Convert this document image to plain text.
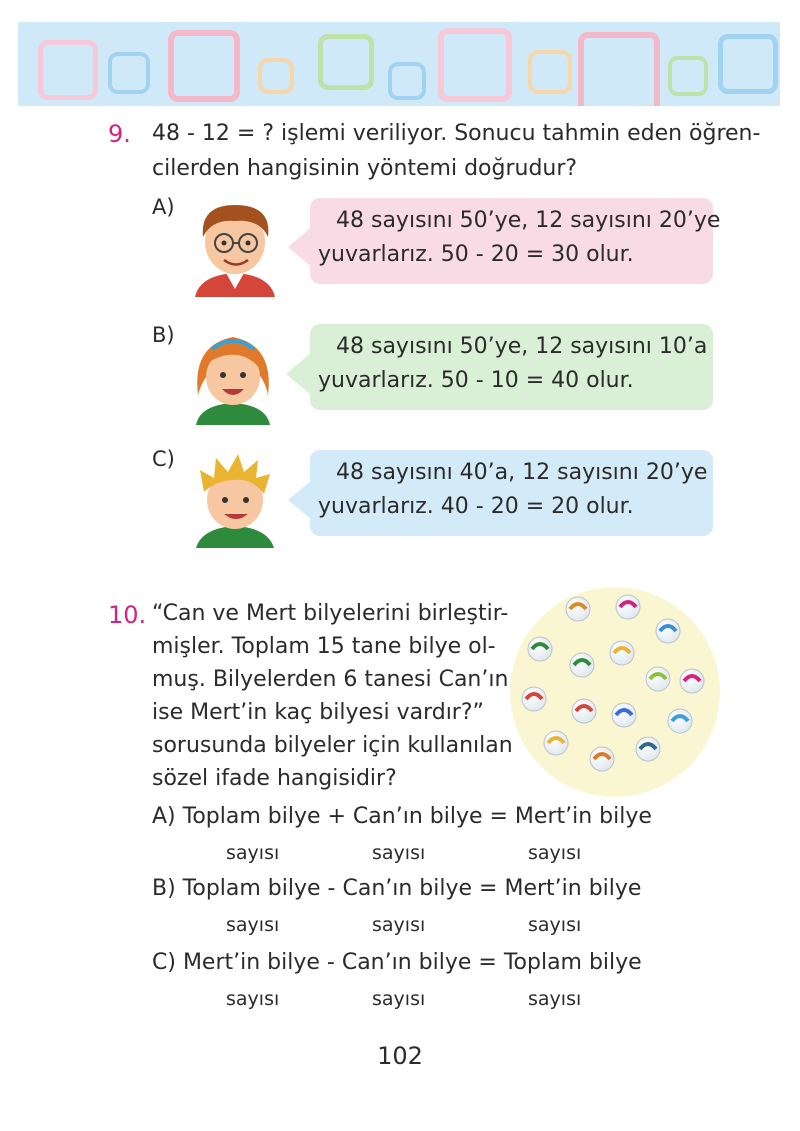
9. 48 - 12 = ? işlemi veriliyor. Sonucu tahmin eden öğren-
cilerden hangisinin yöntemi doğrudur?
A)
48 sayısını 50’ye, 12 sayısını 20’ye
yuvarlarız. 50 - 20 = 30 olur.
B)	48 sayısını 50’ye, 12 sayısını 10’a
yuvarlarız. 50 - 10 = 40 olur.
C)
48 sayısını 40’a, 12 sayısını 20’ye
yuvarlarız. 40 - 20 = 20 olur.
10. “Can ve Mert bilyelerini birleştir-
mişler. Toplam 15 tane bilye ol-
muş. Bilyelerden 6 tanesi Can’ın
ise Mert’in kaç bilyesi vardır?”
sorusunda bilyeler için kullanılan
sözel ifade hangisidir?
A) Toplam bilye + Can’ın bilye = Mert’in bilye
sayısı	sayısı	sayısı
B) Toplam bilye - Can’ın bilye = Mert’in bilye
sayısı	sayısı	sayısı
C) Mert’in bilye - Can’ın bilye = Toplam bilye
sayısı	sayısı	sayısı
102
